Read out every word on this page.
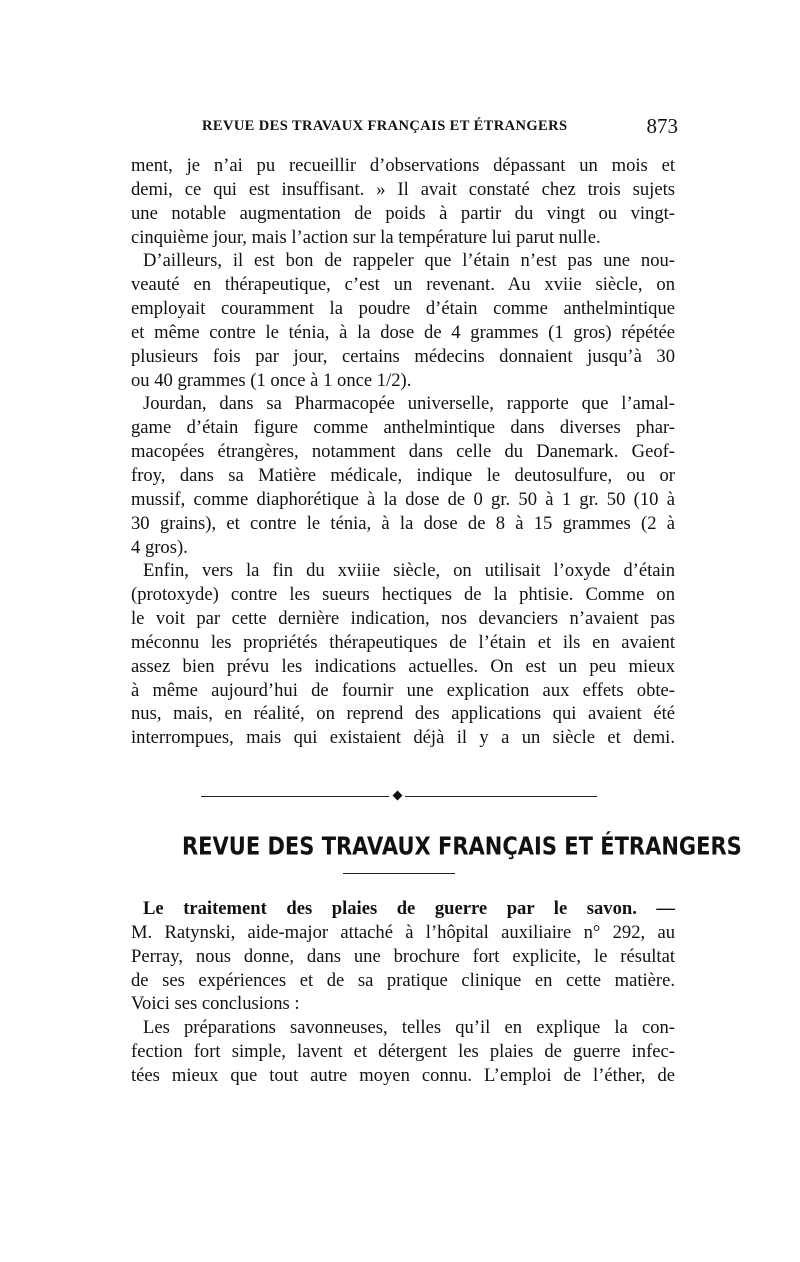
REVUE DES TRAVAUX FRANÇAIS ET ÉTRANGERS	873
ment, je n’ai pu recueillir d’observations dépassant un mois et
demi, ce qui est insuffisant. » Il avait constaté chez trois sujets
une notable augmentation de poids à partir du vingt ou vingt-
cinquième jour, mais l’action sur la température lui parut nulle.
D’ailleurs, il est bon de rappeler que l’étain n’est pas une nou-
veauté en thérapeutique, c’est un revenant. Au xviie siècle, on
employait couramment la poudre d’étain comme anthelmintique
et même contre le ténia, à la dose de 4 grammes (1 gros) répétée
plusieurs fois par jour, certains médecins donnaient jusqu’à 30
ou 40 grammes (1 once à 1 once 1/2).
Jourdan, dans sa Pharmacopée universelle, rapporte que l’amal-
game d’étain figure comme anthelmintique dans diverses phar-
macopées étrangères, notamment dans celle du Danemark. Geof-
froy, dans sa Matière médicale, indique le deutosulfure, ou or
mussif, comme diaphorétique à la dose de 0 gr. 50 à 1 gr. 50 (10 à
30 grains), et contre le ténia, à la dose de 8 à 15 grammes (2 à
4 gros).
Enfin, vers la fin du xviiie siècle, on utilisait l’oxyde d’étain
(protoxyde) contre les sueurs hectiques de la phtisie. Comme on
le voit par cette dernière indication, nos devanciers n’avaient pas
méconnu les propriétés thérapeutiques de l’étain et ils en avaient
assez bien prévu les indications actuelles. On est un peu mieux
à même aujourd’hui de fournir une explication aux effets obte-
nus, mais, en réalité, on reprend des applications qui avaient été
interrompues, mais qui existaient déjà il y a un siècle et demi.
REVUE DES TRAVAUX FRANÇAIS ET ÉTRANGERS
Le traitement des plaies de guerre par le savon. —
M. Ratynski, aide-major attaché à l’hôpital auxiliaire n° 292, au
Perray, nous donne, dans une brochure fort explicite, le résultat
de ses expériences et de sa pratique clinique en cette matière.
Voici ses conclusions :
Les préparations savonneuses, telles qu’il en explique la con-
fection fort simple, lavent et détergent les plaies de guerre infec-
tées mieux que tout autre moyen connu. L’emploi de l’éther, de
